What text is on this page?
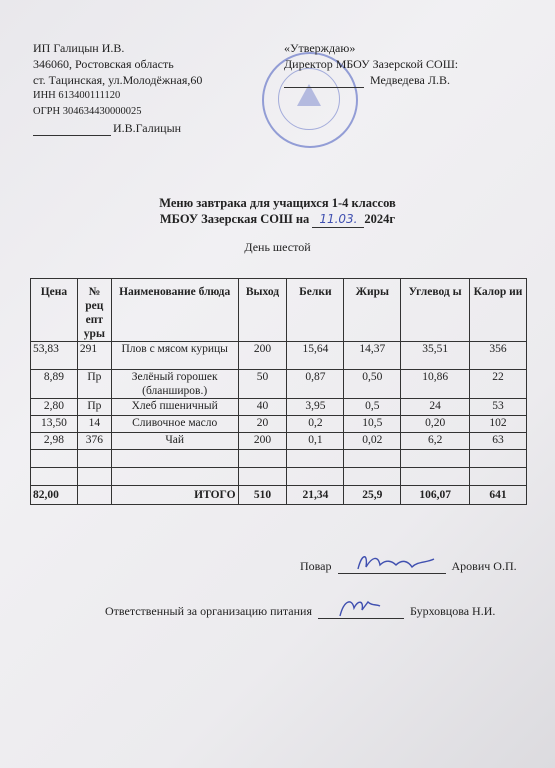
ИП Галицын И.В.
346060, Ростовская область
ст. Тацинская, ул.Молодёжная,60
ИНН 613400111120
ОГРН 304634430000025
И.В.Галицын
«Утверждаю»
Директор МБОУ Зазерской СОШ:
Медведева Л.В.
Меню завтрака для учащихся 1-4 классов
МБОУ Зазерская СОШ на 11.03. 2024г
День шестой
Цена	№ рец епт уры	Наименование блюда	Выход	Белки	Жиры	Углевод ы	Калор ии
53,83	291	Плов с мясом курицы	200	15,64	14,37	35,51	356
8,89	Пр	Зелёный горошек (бланширов.)	50	0,87	0,50	10,86	22
2,80	Пр	Хлеб пшеничный	40	3,95	0,5	24	53
13,50	14	Сливочное масло	20	0,2	10,5	0,20	102
2,98	376	Чай	200	0,1	0,02	6,2	63

82,00		ИТОГО	510	21,34	25,9	106,07	641
Повар	Арович О.П.
Ответственный за организацию питания	Бурховцова Н.И.
